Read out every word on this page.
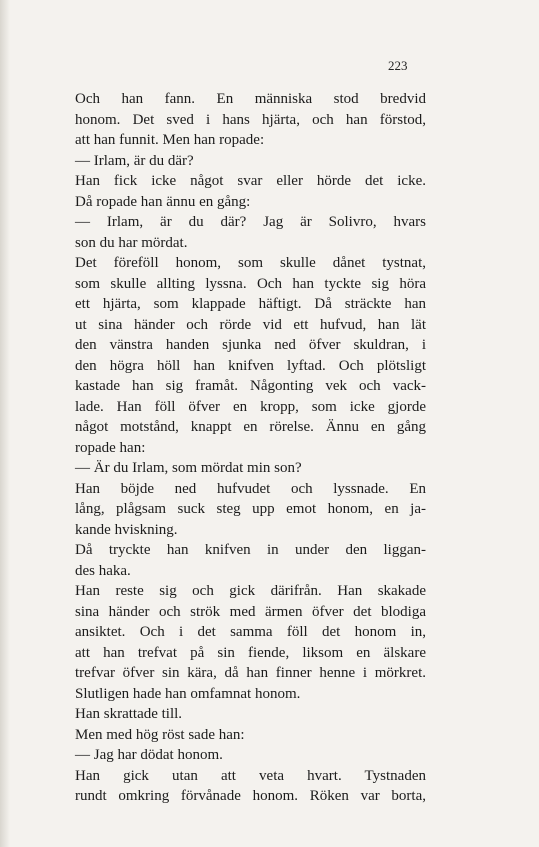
223
Och han fann. En människa stod bredvid
honom. Det sved i hans hjärta, och han förstod,
att han funnit. Men han ropade:
— Irlam, är du där?
Han fick icke något svar eller hörde det icke.
Då ropade han ännu en gång:
— Irlam, är du där? Jag är Solivro, hvars
son du har mördat.
Det föreföll honom, som skulle dånet tystnat,
som skulle allting lyssna. Och han tyckte sig höra
ett hjärta, som klappade häftigt. Då sträckte han
ut sina händer och rörde vid ett hufvud, han lät
den vänstra handen sjunka ned öfver skuldran, i
den högra höll han knifven lyftad. Och plötsligt
kastade han sig framåt. Någonting vek och vack-
lade. Han föll öfver en kropp, som icke gjorde
något motstånd, knappt en rörelse. Ännu en gång
ropade han:
— Är du Irlam, som mördat min son?
Han böjde ned hufvudet och lyssnade. En
lång, plågsam suck steg upp emot honom, en ja-
kande hviskning.
Då tryckte han knifven in under den liggan-
des haka.
Han reste sig och gick därifrån. Han skakade
sina händer och strök med ärmen öfver det blodiga
ansiktet. Och i det samma föll det honom in,
att han trefvat på sin fiende, liksom en älskare
trefvar öfver sin kära, då han finner henne i mörkret.
Slutligen hade han omfamnat honom.
Han skrattade till.
Men med hög röst sade han:
— Jag har dödat honom.
Han gick utan att veta hvart. Tystnaden
rundt omkring förvånade honom. Röken var borta,
